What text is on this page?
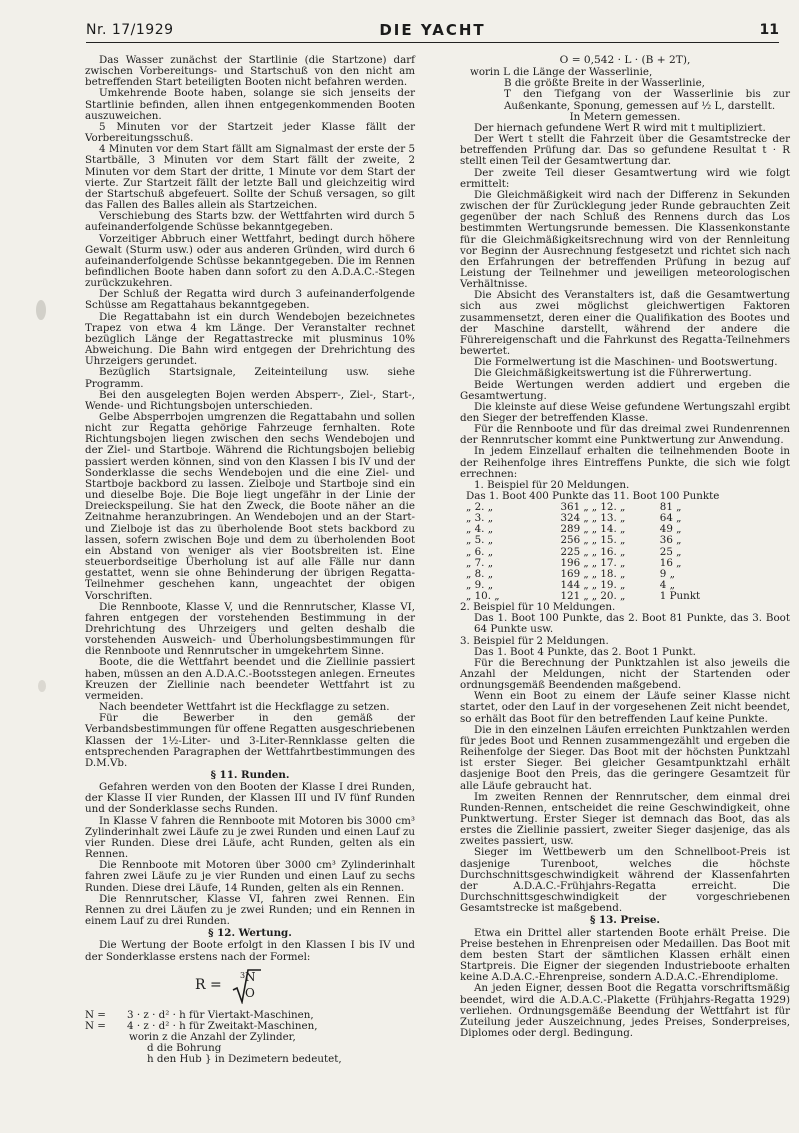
Nr. 17/1929	DIE YACHT	11

Das Wasser zunächst der Startlinie (die Startzone) darf zwischen Vorbereitungs- und Startschuß von den nicht am betreffenden Start beteiligten Booten nicht befahren werden.

Umkehrende Boote haben, solange sie sich jenseits der Startlinie befinden, allen ihnen entgegenkommenden Booten auszuweichen.

5 Minuten vor der Startzeit jeder Klasse fällt der Vorbereitungsschuß.

4 Minuten vor dem Start fällt am Signalmast der erste der 5 Startbälle, 3 Minuten vor dem Start fällt der zweite, 2 Minuten vor dem Start der dritte, 1 Minute vor dem Start der vierte. Zur Startzeit fällt der letzte Ball und gleichzeitig wird der Startschuß abgefeuert. Sollte der Schuß versagen, so gilt das Fallen des Balles allein als Startzeichen.

Verschiebung des Starts bzw. der Wettfahrten wird durch 5 aufeinanderfolgende Schüsse bekanntgegeben.

Vorzeitiger Abbruch einer Wettfahrt, bedingt durch höhere Gewalt (Sturm usw.) oder aus anderen Gründen, wird durch 6 aufeinanderfolgende Schüsse bekanntgegeben. Die im Rennen befindlichen Boote haben dann sofort zu den A.D.A.C.-Stegen zurückzukehren.

Der Schluß der Regatta wird durch 3 aufeinanderfolgende Schüsse am Regattahaus bekanntgegeben.

Die Regattabahn ist ein durch Wendebojen bezeichnetes Trapez von etwa 4 km Länge. Der Veranstalter rechnet bezüglich Länge der Regattastrecke mit plusminus 10% Abweichung. Die Bahn wird entgegen der Drehrichtung des Uhrzeigers gerundet.

Bezüglich Startsignale, Zeiteinteilung usw. siehe Programm.

Bei den ausgelegten Bojen werden Absperr-, Ziel-, Start-, Wende- und Richtungsbojen unterschieden.

Gelbe Absperrbojen umgrenzen die Regattabahn und sollen nicht zur Regatta gehörige Fahrzeuge fernhalten. Rote Richtungsbojen liegen zwischen den sechs Wendebojen und der Ziel- und Startboje. Während die Richtungsbojen beliebig passiert werden können, sind von den Klassen I bis IV und der Sonderklasse die sechs Wendebojen und die eine Ziel- und Startboje backbord zu lassen. Zielboje und Startboje sind ein und dieselbe Boje. Die Boje liegt ungefähr in der Linie der Dreieckspeilung. Sie hat den Zweck, die Boote näher an die Zeitnahme heranzubringen. An Wendebojen und an der Start- und Zielboje ist das zu überholende Boot stets backbord zu lassen, sofern zwischen Boje und dem zu überholenden Boot ein Abstand von weniger als vier Bootsbreiten ist. Eine steuerbordseitige Überholung ist auf alle Fälle nur dann gestattet, wenn sie ohne Behinderung der übrigen Regatta-Teilnehmer geschehen kann, ungeachtet der obigen Vorschriften.

Die Rennboote, Klasse V, und die Rennrutscher, Klasse VI, fahren entgegen der vorstehenden Bestimmung in der Drehrichtung des Uhrzeigers und gelten deshalb die vorstehenden Ausweich- und Überholungsbestimmungen für die Rennboote und Rennrutscher in umgekehrtem Sinne.

Boote, die die Wettfahrt beendet und die Ziellinie passiert haben, müssen an den A.D.A.C.-Bootsstegen anlegen. Erneutes Kreuzen der Ziellinie nach beendeter Wettfahrt ist zu vermeiden.

Nach beendeter Wettfahrt ist die Heckflagge zu setzen.

Für die Bewerber in den gemäß der Verbandsbestimmungen für offene Regatten ausgeschriebenen Klassen der 1½-Liter- und 3-Liter-Rennklasse gelten die entsprechenden Paragraphen der Wettfahrtbestimmungen des D.M.Vb.

§ 11. Runden.

Gefahren werden von den Booten der Klasse I drei Runden, der Klasse II vier Runden, der Klassen III und IV fünf Runden und der Sonderklasse sechs Runden.

In Klasse V fahren die Rennboote mit Motoren bis 3000 cm³ Zylinderinhalt zwei Läufe zu je zwei Runden und einen Lauf zu vier Runden. Diese drei Läufe, acht Runden, gelten als ein Rennen.

Die Rennboote mit Motoren über 3000 cm³ Zylinderinhalt fahren zwei Läufe zu je vier Runden und einen Lauf zu sechs Runden. Diese drei Läufe, 14 Runden, gelten als ein Rennen.

Die Rennrutscher, Klasse VI, fahren zwei Rennen. Ein Rennen zu drei Läufen zu je zwei Runden; und ein Rennen in einem Lauf zu drei Runden.

§ 12. Wertung.

Die Wertung der Boote erfolgt in den Klassen I bis IV und der Sonderklasse erstens nach der Formel:

R =
3 N
O
N =	3 · z · d² · h für Viertakt-Maschinen,
N =	4 · z · d² · h für Zweitakt-Maschinen,
worin z die Anzahl der Zylinder,
d die Bohrung
h den Hub } in Dezimetern bedeutet,

O = 0,542 · L · (B + 2T),

worin L die Länge der Wasserlinie,
B die größte Breite in der Wasserlinie,
T den Tiefgang von der Wasserlinie bis zur Außenkante, Sponung, gemessen auf ½ L, darstellt.

In Metern gemessen.

Der hiernach gefundene Wert R wird mit t multipliziert.

Der Wert t stellt die Fahrzeit über die Gesamtstrecke der betreffenden Prüfung dar. Das so gefundene Resultat t · R stellt einen Teil der Gesamtwertung dar.

Der zweite Teil dieser Gesamtwertung wird wie folgt ermittelt:

Die Gleichmäßigkeit wird nach der Differenz in Sekunden zwischen der für Zurücklegung jeder Runde gebrauchten Zeit gegenüber der nach Schluß des Rennens durch das Los bestimmten Wertungsrunde bemessen. Die Klassenkonstante für die Gleichmäßigkeitsrechnung wird von der Rennleitung vor Beginn der Ausrechnung festgesetzt und richtet sich nach den Erfahrungen der betreffenden Prüfung in bezug auf Leistung der Teilnehmer und jeweiligen meteorologischen Verhältnisse.

Die Absicht des Veranstalters ist, daß die Gesamtwertung sich aus zwei möglichst gleichwertigen Faktoren zusammensetzt, deren einer die Qualifikation des Bootes und der Maschine darstellt, während der andere die Führereigenschaft und die Fahrkunst des Regatta-Teilnehmers bewertet.

Die Formelwertung ist die Maschinen- und Bootswertung.

Die Gleichmäßigkeitswertung ist die Führerwertung.

Beide Wertungen werden addiert und ergeben die Gesamtwertung.

Die kleinste auf diese Weise gefundene Wertungszahl ergibt den Sieger der betreffenden Klasse.

Für die Rennboote und für das dreimal zwei Rundenrennen der Rennrutscher kommt eine Punktwertung zur Anwendung.

In jedem Einzellauf erhalten die teilnehmenden Boote in der Reihenfolge ihres Eintreffens Punkte, die sich wie folgt errechnen:

1. Beispiel für 20 Meldungen.

Das 1. Boot	400 Punkte	das 11. Boot	100 Punkte
„ 2. „	361 „	„ 12. „	81 „
„ 3. „	324 „	„ 13. „	64 „
„ 4. „	289 „	„ 14. „	49 „
„ 5. „	256 „	„ 15. „	36 „
„ 6. „	225 „	„ 16. „	25 „
„ 7. „	196 „	„ 17. „	16 „
„ 8. „	169 „	„ 18. „	9 „
„ 9. „	144 „	„ 19. „	4 „
„ 10. „	121 „	„ 20. „	1 Punkt

2. Beispiel für 10 Meldungen.

Das 1. Boot 100 Punkte, das 2. Boot 81 Punkte, das 3. Boot 64 Punkte usw.

3. Beispiel für 2 Meldungen.

Das 1. Boot 4 Punkte, das 2. Boot 1 Punkt.

Für die Berechnung der Punktzahlen ist also jeweils die Anzahl der Meldungen, nicht der Startenden oder ordnungsgemäß Beendenden maßgebend.

Wenn ein Boot zu einem der Läufe seiner Klasse nicht startet, oder den Lauf in der vorgesehenen Zeit nicht beendet, so erhält das Boot für den betreffenden Lauf keine Punkte.

Die in den einzelnen Läufen erreichten Punktzahlen werden für jedes Boot und Rennen zusammengezählt und ergeben die Reihenfolge der Sieger. Das Boot mit der höchsten Punktzahl ist erster Sieger. Bei gleicher Gesamtpunktzahl erhält dasjenige Boot den Preis, das die geringere Gesamtzeit für alle Läufe gebraucht hat.

Im zweiten Rennen der Rennrutscher, dem einmal drei Runden-Rennen, entscheidet die reine Geschwindigkeit, ohne Punktwertung. Erster Sieger ist demnach das Boot, das als erstes die Ziellinie passiert, zweiter Sieger dasjenige, das als zweites passiert, usw.

Sieger im Wettbewerb um den Schnellboot-Preis ist dasjenige Turenboot, welches die höchste Durchschnittsgeschwindigkeit während der Klassenfahrten der A.D.A.C.-Frühjahrs-Regatta erreicht. Die Durchschnittsgeschwindigkeit der vorgeschriebenen Gesamtstrecke ist maßgebend.

§ 13. Preise.

Etwa ein Drittel aller startenden Boote erhält Preise. Die Preise bestehen in Ehrenpreisen oder Medaillen. Das Boot mit dem besten Start der sämtlichen Klassen erhält einen Startpreis. Die Eigner der siegenden Industrieboote erhalten keine A.D.A.C.-Ehrenpreise, sondern A.D.A.C.-Ehrendiplome.

An jeden Eigner, dessen Boot die Regatta vorschriftsmäßig beendet, wird die A.D.A.C.-Plakette (Frühjahrs-Regatta 1929) verliehen. Ordnungsgemäße Beendung der Wettfahrt ist für Zuteilung jeder Auszeichnung, jedes Preises, Sonderpreises, Diplomes oder dergl. Bedingung.
